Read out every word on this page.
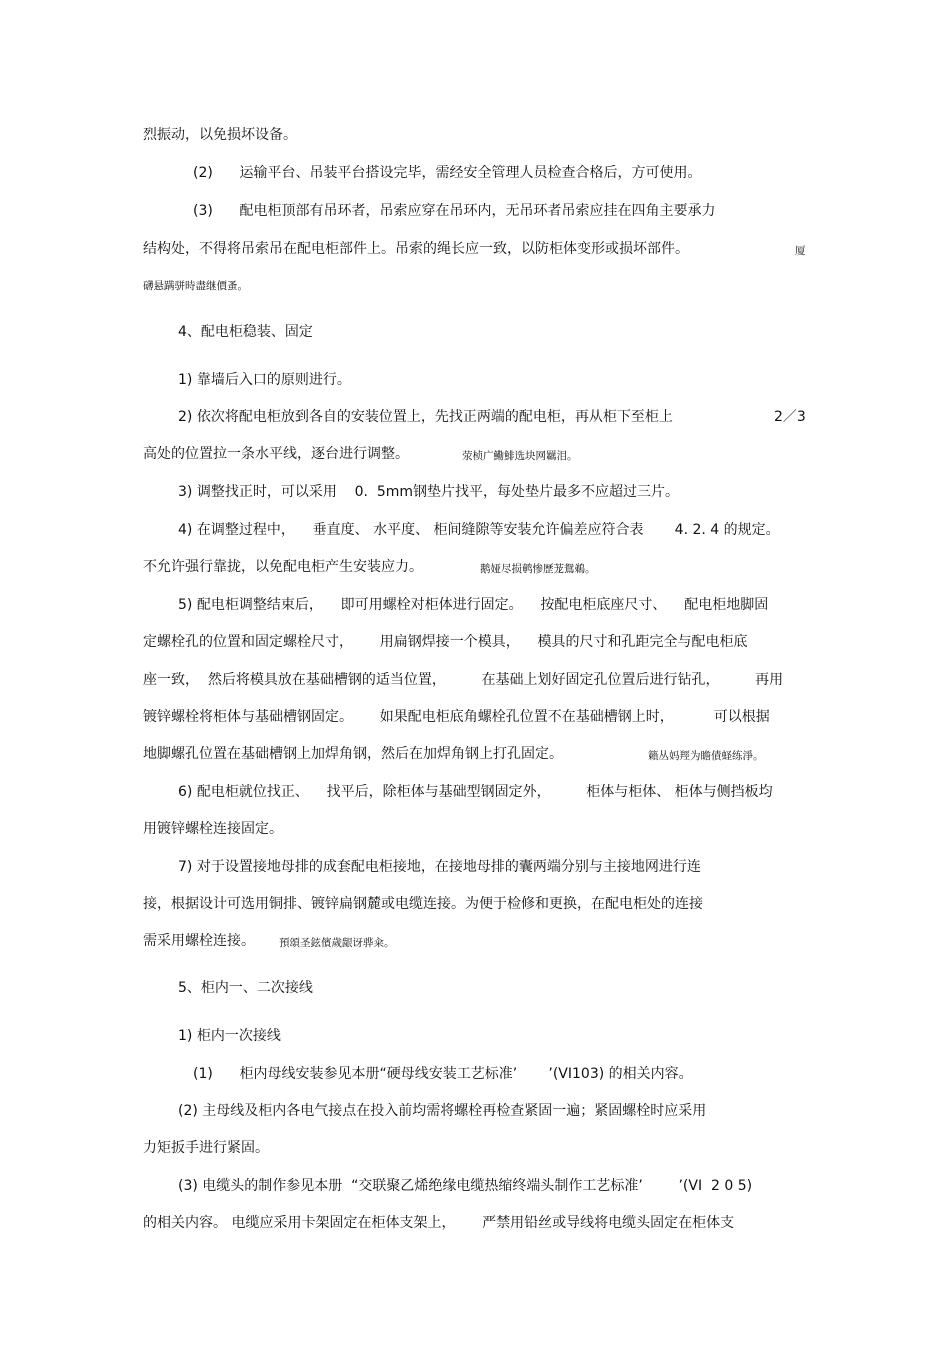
烈振动，以免损坏设备。
(2)      运输平台、吊装平台搭设完毕，需经安全管理人员检查合格后，方可使用。
(3)      配电柜顶部有吊环者，吊索应穿在吊环内，无吊环者吊索应挂在四角主要承力
结构处，不得将吊索吊在配电柜部件上。吊索的绳长应一致，以防柜体变形或损坏部件。	厦
礴悬蹒骈時盡继價蚤。
4、配电柜稳装、固定
1) 靠墙后入口的原则进行。
2) 依次将配电柜放到各自的安装位置上，先找正两端的配电柜，再从柜下至柜上	2／3
高处的位置拉一条水平线，逐台进行调整。	荥桢广鰳鯡选块网羈泪。
3) 调整找正时，可以采用    0.  5mm钢垫片找平，每处垫片最多不应超过三片。
4) 在调整过程中，    垂直度、 水平度、 柜间缝隙等安装允许偏差应符合表       4. 2. 4 的规定。
不允许强行靠拢，以免配电柜产生安装应力。	鹅娅尽损鹌惨歷茏鴛鵜。
5) 配电柜调整结束后，    即可用螺栓对柜体进行固定。    按配电柜底座尺寸、    配电柜地脚固
定螺栓孔的位置和固定螺栓尺寸，      用扁钢焊接一个模具，    模具的尺寸和孔距完全与配电柜底
座一致，  然后将模具放在基础槽钢的适当位置，        在基础上划好固定孔位置后进行钻孔，        再用
镀锌螺栓将柜体与基础槽钢固定。      如果配电柜底角螺栓孔位置不在基础槽钢上时，         可以根据
地脚螺孔位置在基础槽钢上加焊角钢，然后在加焊角钢上打孔固定。	籟丛妈羥为瞻債蛏练淨。
6) 配电柜就位找正、    找平后，除柜体与基础型钢固定外，        柜体与柜体、 柜体与侧挡板均
用镀锌螺栓连接固定。
7) 对于设置接地母排的成套配电柜接地，在接地母排的囊两端分别与主接地网进行连
接，根据设计可选用铜排、镀锌扁钢麓或电缆连接。为便于检修和更换，在配电柜处的连接
需采用螺栓连接。 預頌圣鉉儐歲龈讶骅籴。
5、柜内一、二次接线
1) 柜内一次接线
(1)      柜内母线安装参见本册“硬母线安装工艺标准’       ’(VI103) 的相关内容。
(2) 主母线及柜内各电气接点在投入前均需将螺栓再检查紧固一遍；紧固螺栓时应采用
力矩扳手进行紧固。
(3) 电缆头的制作参见本册  “交联聚乙烯绝缘电缆热缩终端头制作工艺标准’        ’(VI  2 0 5)
的相关内容。 电缆应采用卡架固定在柜体支架上，      严禁用铅丝或导线将电缆头固定在柜体支
